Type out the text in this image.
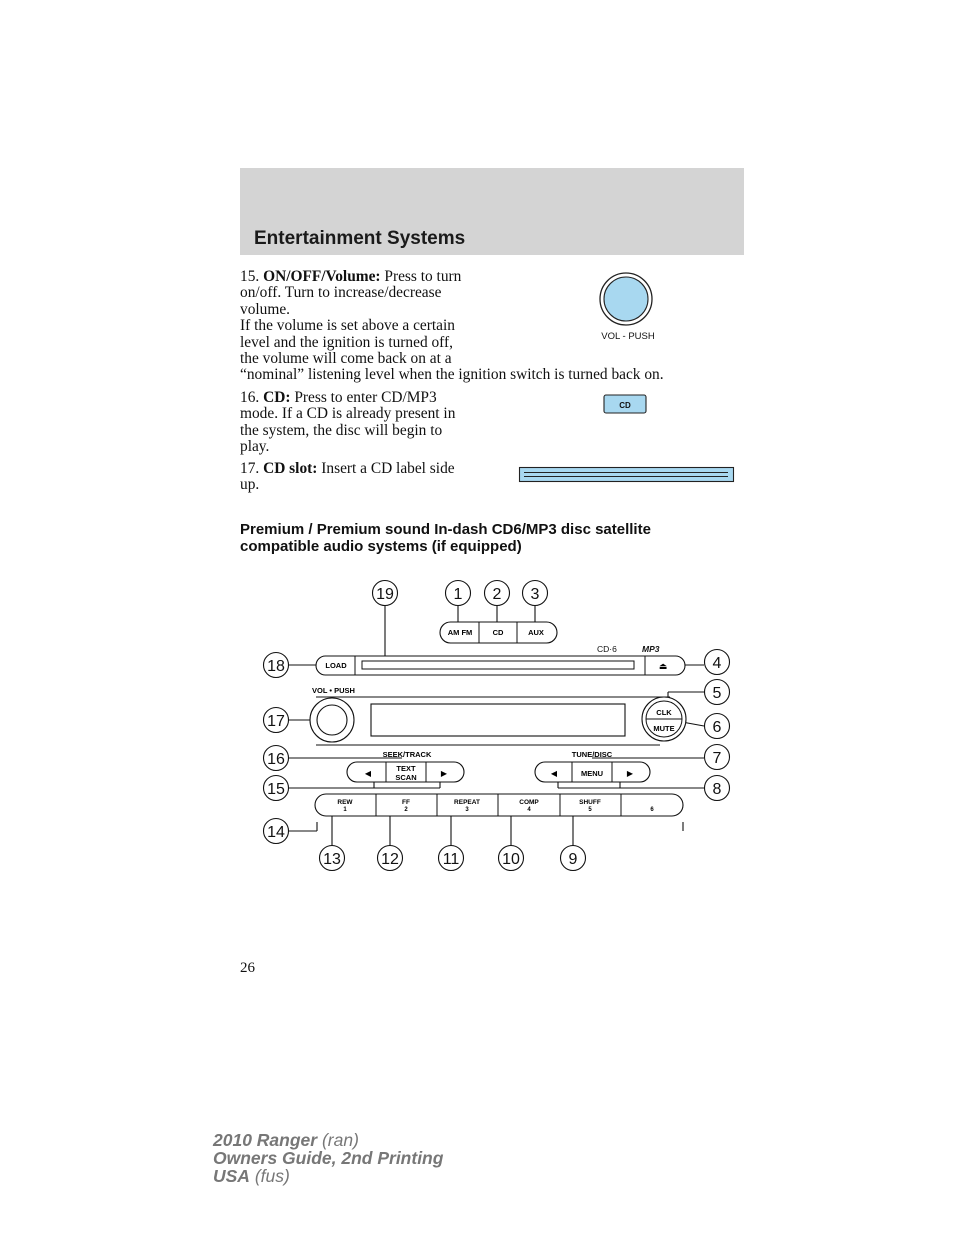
Entertainment Systems
15. ON/OFF/Volume: Press to turn
on/off. Turn to increase/decrease
volume.
If the volume is set above a certain
level and the ignition is turned off,
the volume will come back on at a
“nominal” listening level when the ignition switch is turned back on.
VOL - PUSH
16. CD: Press to enter CD/MP3
mode. If a CD is already present in
the system, the disc will begin to
play.
CD
17. CD slot: Insert a CD label side
up.
Premium / Premium sound In-dash CD6/MP3 disc satellite compatible audio systems (if equipped)
AM FM	CD	AUX
CD·6	MP3
LOAD	⏏
VOL • PUSH
CLK
MUTE
SEEK/TRACK
◀
TEXT
SCAN	▶
TUNE/DISC
◀	MENU	▶
REW
1
FF
2
REPEAT
3
COMP
4
SHUFF
5	6
19	1 2 3
4
5
6
7
8
18
17
16
15
14
13	12	11	10	9
26
2010 Ranger (ran)
Owners Guide, 2nd Printing
USA (fus)
